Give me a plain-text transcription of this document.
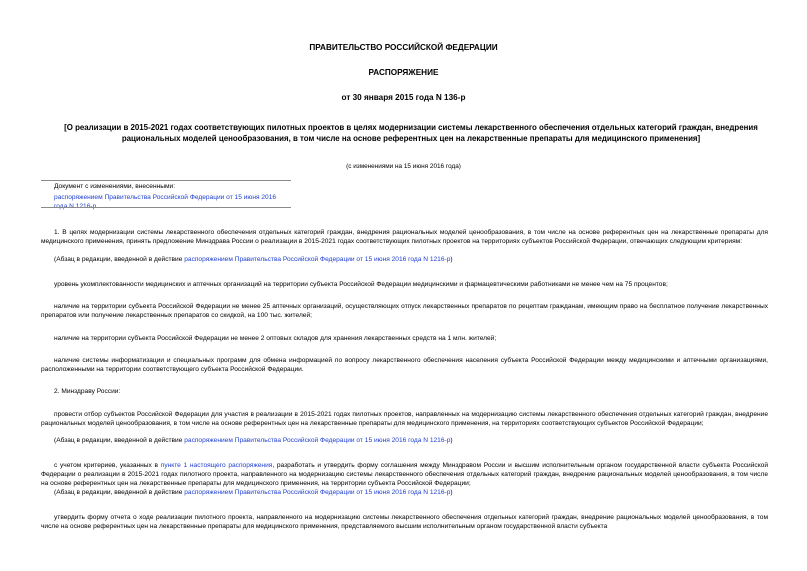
ПРАВИТЕЛЬСТВО РОССИЙСКОЙ ФЕДЕРАЦИИ
РАСПОРЯЖЕНИЕ
от 30 января 2015 года N 136-р
[О реализации в 2015-2021 годах соответствующих пилотных проектов в целях модернизации системы лекарственного обеспечения отдельных категорий граждан, внедрения рациональных моделей ценообразования, в том числе на основе референтных цен на лекарственные препараты для медицинского применения]
(с изменениями на 15 июня 2016 года)
Документ с изменениями, внесенными:
распоряжением Правительства Российской Федерации от 15 июня 2016 года N 1216-р.
1. В целях модернизации системы лекарственного обеспечения отдельных категорий граждан, внедрения рациональных моделей ценообразования, в том числе на основе референтных цен на лекарственные препараты для медицинского применения, принять предложение Минздрава России о реализации в 2015-2021 годах соответствующих пилотных проектов на территориях субъектов Российской Федерации, отвечающих следующим критериям:
(Абзац в редакции, введенной в действие распоряжением Правительства Российской Федерации от 15 июня 2016 года N 1216-р)
уровень укомплектованности медицинских и аптечных организаций на территории субъекта Российской Федерации медицинскими и фармацевтическими работниками не менее чем на 75 процентов;
наличие на территории субъекта Российской Федерации не менее 25 аптечных организаций, осуществляющих отпуск лекарственных препаратов по рецептам гражданам, имеющим право на бесплатное получение лекарственных препаратов или получение лекарственных препаратов со скидкой, на 100 тыс. жителей;
наличие на территории субъекта Российской Федерации не менее 2 оптовых складов для хранения лекарственных средств на 1 млн. жителей;
наличие системы информатизации и специальных программ для обмена информацией по вопросу лекарственного обеспечения населения субъекта Российской Федерации между медицинскими и аптечными организациями, расположенными на территории соответствующего субъекта Российской Федерации.
2. Минздраву России:
провести отбор субъектов Российской Федерации для участия в реализации в 2015-2021 годах пилотных проектов, направленных на модернизацию системы лекарственного обеспечения отдельных категорий граждан, внедрение рациональных моделей ценообразования, в том числе на основе референтных цен на лекарственные препараты для медицинского применения, на территориях соответствующих субъектов Российской Федерации;
(Абзац в редакции, введенной в действие распоряжением Правительства Российской Федерации от 15 июня 2016 года N 1216-р)
с учетом критериев, указанных в пункте 1 настоящего распоряжения, разработать и утвердить форму соглашения между Минздравом России и высшим исполнительным органом государственной власти субъекта Российской Федерации о реализации в 2015-2021 годах пилотного проекта, направленного на модернизацию системы лекарственного обеспечения отдельных категорий граждан, внедрение рациональных моделей ценообразования, в том числе на основе референтных цен на лекарственные препараты для медицинского применения, на территории субъекта Российской Федерации;
(Абзац в редакции, введенной в действие распоряжением Правительства Российской Федерации от 15 июня 2016 года N 1216-р)
утвердить форму отчета о ходе реализации пилотного проекта, направленного на модернизацию системы лекарственного обеспечения отдельных категорий граждан, внедрение рациональных моделей ценообразования, в том числе на основе референтных цен на лекарственные препараты для медицинского применения, представляемого высшим исполнительным органом государственной власти субъекта
